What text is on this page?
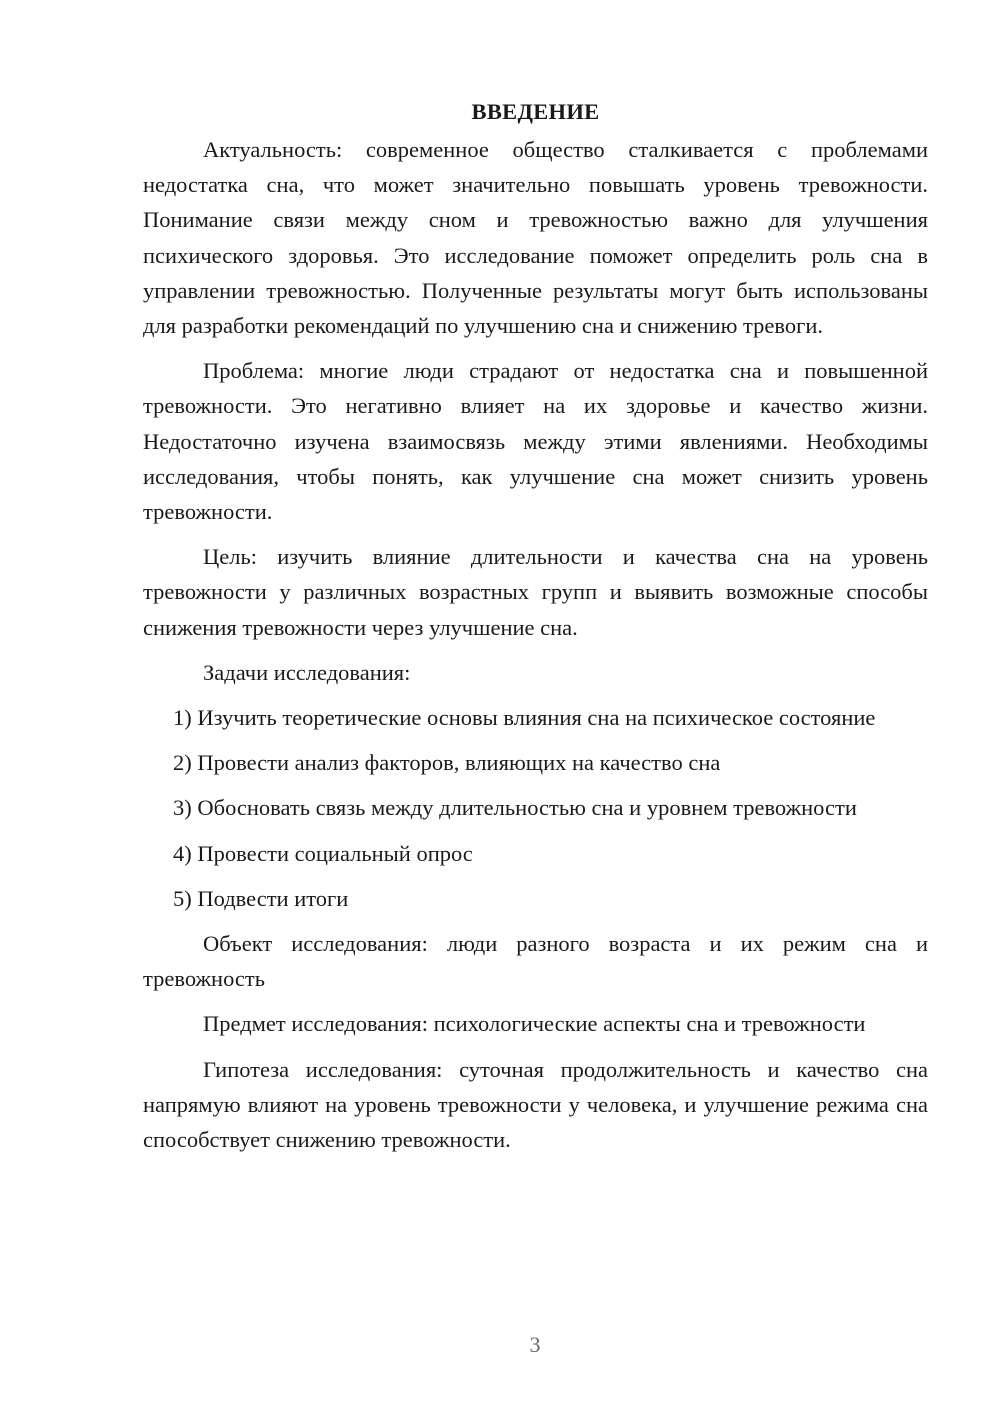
ВВЕДЕНИЕ

Актуальность: современное общество сталкивается с проблемами недостатка сна, что может значительно повышать уровень тревожности. Понимание связи между сном и тревожностью важно для улучшения психического здоровья. Это исследование поможет определить роль сна в управлении тревожностью. Полученные результаты могут быть использованы для разработки рекомендаций по улучшению сна и снижению тревоги.

Проблема: многие люди страдают от недостатка сна и повышенной тревожности. Это негативно влияет на их здоровье и качество жизни. Недостаточно изучена взаимосвязь между этими явлениями. Необходимы исследования, чтобы понять, как улучшение сна может снизить уровень тревожности.

Цель: изучить влияние длительности и качества сна на уровень тревожности у различных возрастных групп и выявить возможные способы снижения тревожности через улучшение сна.

Задачи исследования:

1) Изучить теоретические основы влияния сна на психическое состояние

2) Провести анализ факторов, влияющих на качество сна

3) Обосновать связь между длительностью сна и уровнем тревожности

4) Провести социальный опрос

5) Подвести итоги

Объект исследования: люди разного возраста и их режим сна и тревожность

Предмет исследования: психологические аспекты сна и тревожности

Гипотеза исследования: суточная продолжительность и качество сна напрямую влияют на уровень тревожности у человека, и улучшение режима сна способствует снижению тревожности.

3
